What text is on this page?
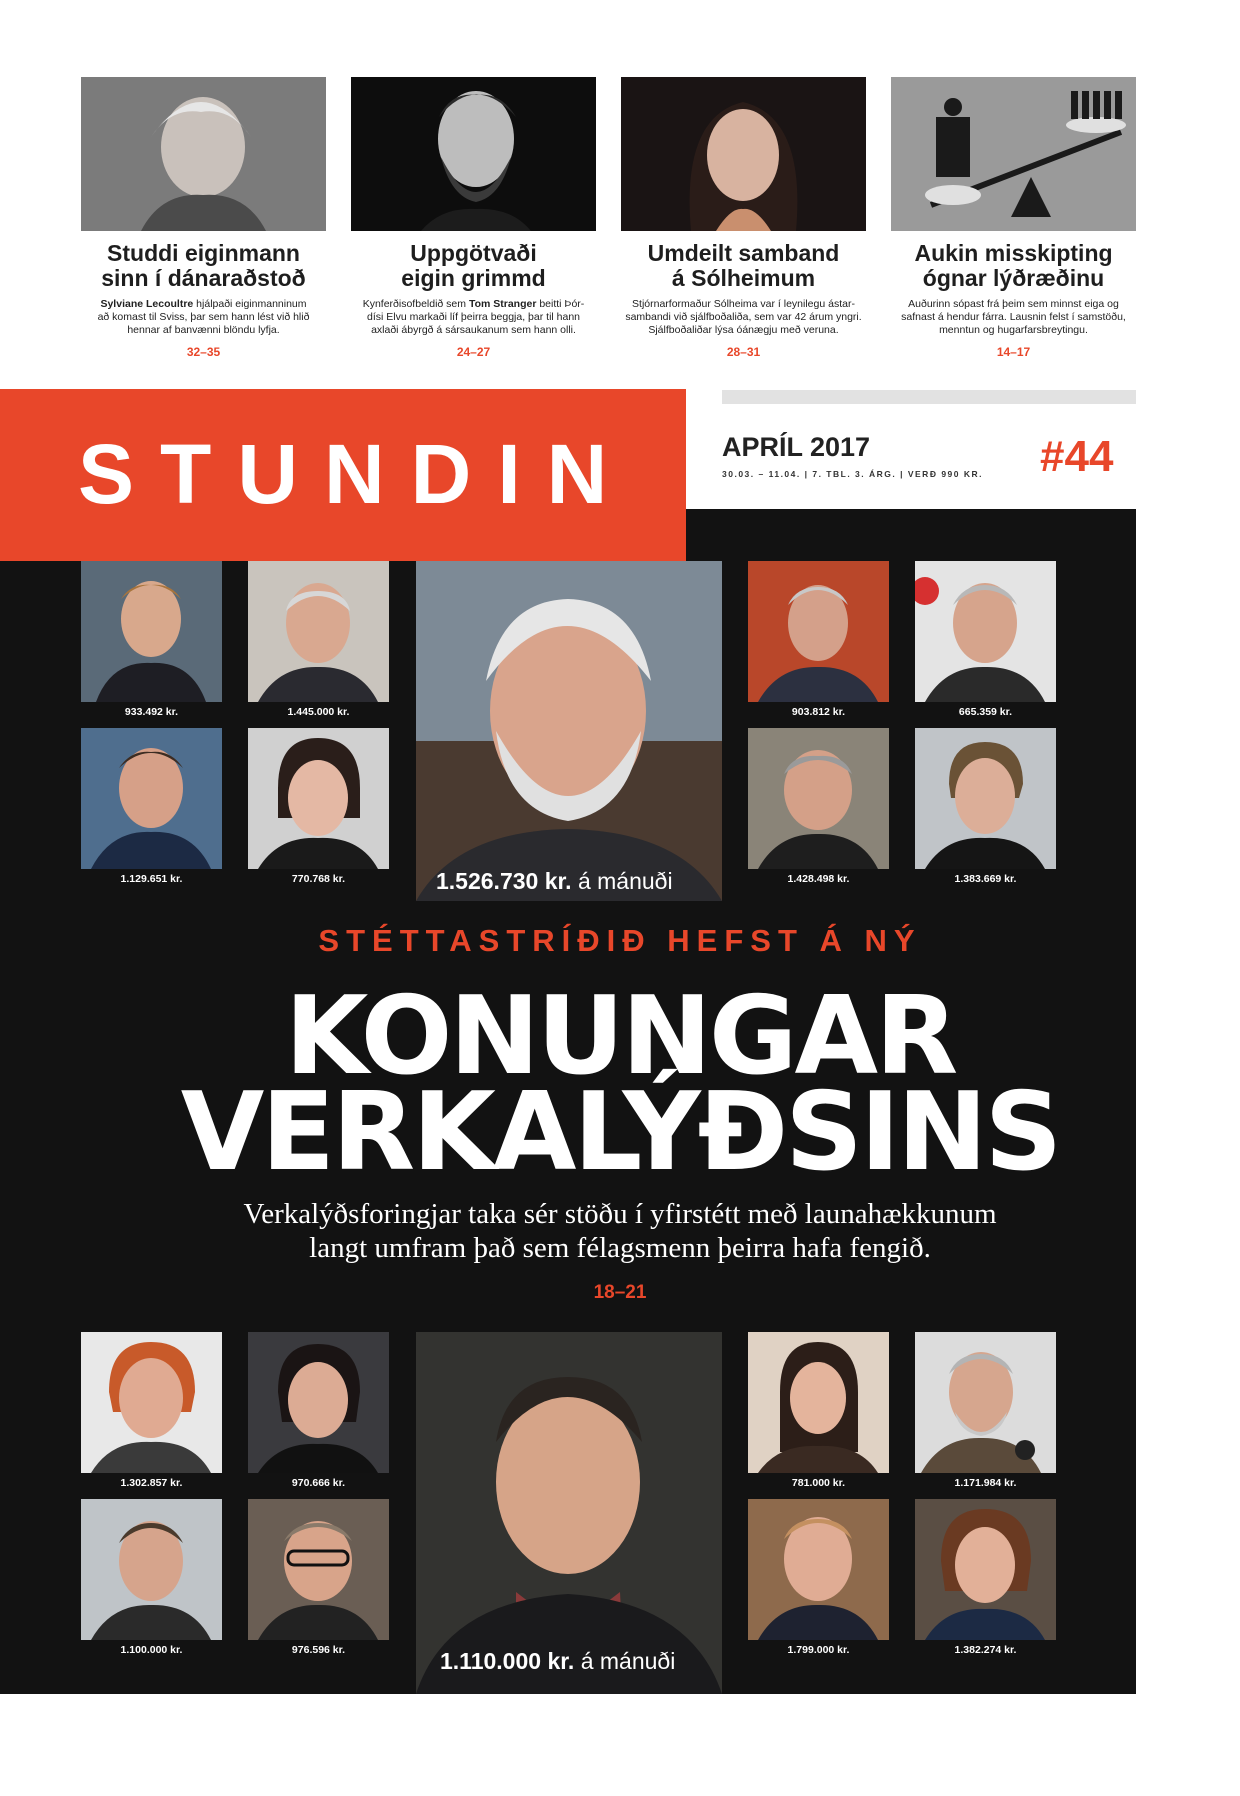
Studdi eiginmann
sinn í dánaraðstoð
Sylviane Lecoultre hjálpaði eiginmanninum
að komast til Sviss, þar sem hann lést við hlið
hennar af banvænni blöndu lyfja.
32–35
Uppgötvaði
eigin grimmd
Kynferðisofbeldið sem Tom Stranger beitti Þór-
dísi Elvu markaði líf þeirra beggja, þar til hann
axlaði ábyrgð á sársaukanum sem hann olli.
24–27
Umdeilt samband
á Sólheimum
Stjórnarformaður Sólheima var í leynilegu ástar-
sambandi við sjálfboðaliða, sem var 42 árum yngri.
Sjálfboðaliðar lýsa óánægju með veruna.
28–31
Aukin misskipting
ógnar lýðræðinu
Auðurinn sópast frá þeim sem minnst eiga og
safnast á hendur fárra. Lausnin felst í samstöðu,
menntun og hugarfarsbreytingu.
14–17
STUNDIN	APRÍL 2017
30.03. – 11.04. | 7. TBL. 3. ÁRG. | VERÐ 990 KR. #44
933.492 kr.	1.445.000 kr.
1.129.651 kr.	770.768 kr.	1.526.730 kr. á mánuði
903.812 kr.	665.359 kr.
1.428.498 kr.	1.383.669 kr.
STÉTTASTRÍÐIÐ HEFST Á NÝ
KONUNGAR
VERKALÝÐSINS
Verkalýðsforingjar taka sér stöðu í yfirstétt með launahækkunum
langt umfram það sem félagsmenn þeirra hafa fengið.
18–21
1.302.857 kr.	970.666 kr.
1.100.000 kr.	976.596 kr.	1.110.000 kr. á mánuði
781.000 kr.	1.171.984 kr.
1.799.000 kr.	1.382.274 kr.
